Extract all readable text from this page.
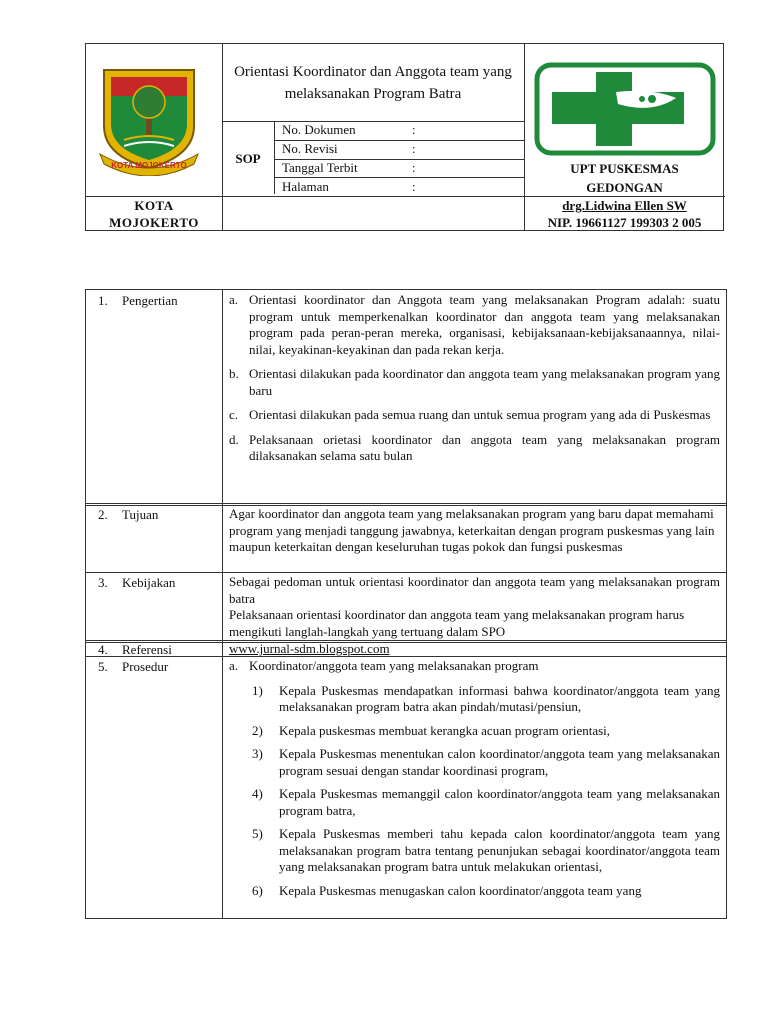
KOTA MOJOKERTO
Orientasi Koordinator dan Anggota team yang melaksanakan Program Batra
SOP
No. Dokumen	:
No. Revisi	:
Tanggal Terbit	:
Halaman	:
UPT PUSKESMAS
GEDONGAN
KOTA
MOJOKERTO
drg.Lidwina Ellen SW
NIP. 19661127 199303 2 005
1. Pengertian	a. Orientasi koordinator dan Anggota team yang melaksanakan Program adalah: suatu program untuk memperkenalkan koordinator dan anggota team yang melaksanakan program pada peran-peran mereka, organisasi, kebijaksanaan-kebijaksanaannya, nilai-nilai, keyakinan-keyakinan dan pada rekan kerja.
b. Orientasi dilakukan pada koordinator dan anggota team yang melaksanakan program yang baru
c. Orientasi dilakukan pada semua ruang dan untuk semua program yang ada di Puskesmas
d. Pelaksanaan orietasi koordinator dan anggota team yang melaksanakan program dilaksanakan selama satu bulan
2. Tujuan	Agar koordinator dan anggota team yang melaksanakan program yang baru dapat memahami program yang menjadi tanggung jawabnya, keterkaitan dengan program puskesmas yang lain maupun keterkaitan dengan keseluruhan tugas pokok dan fungsi puskesmas
3. Kebijakan	Sebagai pedoman untuk orientasi koordinator dan anggota team yang melaksanakan program batra
Pelaksanaan orientasi koordinator dan anggota team yang melaksanakan program harus mengikuti langlah-langkah yang tertuang dalam SPO
4. Referensi	www.jurnal-sdm.blogspot.com
5. Prosedur	a. Koordinator/anggota team yang melaksanakan program
1) Kepala Puskesmas mendapatkan informasi bahwa koordinator/anggota team yang melaksanakan program batra akan pindah/mutasi/pensiun,
2) Kepala puskesmas membuat kerangka acuan program orientasi,
3) Kepala Puskesmas menentukan calon koordinator/anggota team yang melaksanakan program sesuai dengan standar koordinasi program,
4) Kepala Puskesmas memanggil calon koordinator/anggota team yang melaksanakan program batra,
5) Kepala Puskesmas memberi tahu kepada calon koordinator/anggota team yang melaksanakan program batra tentang penunjukan sebagai koordinator/anggota team yang melaksanakan program batra untuk melakukan orientasi,
6) Kepala Puskesmas menugaskan calon koordinator/anggota team yang
